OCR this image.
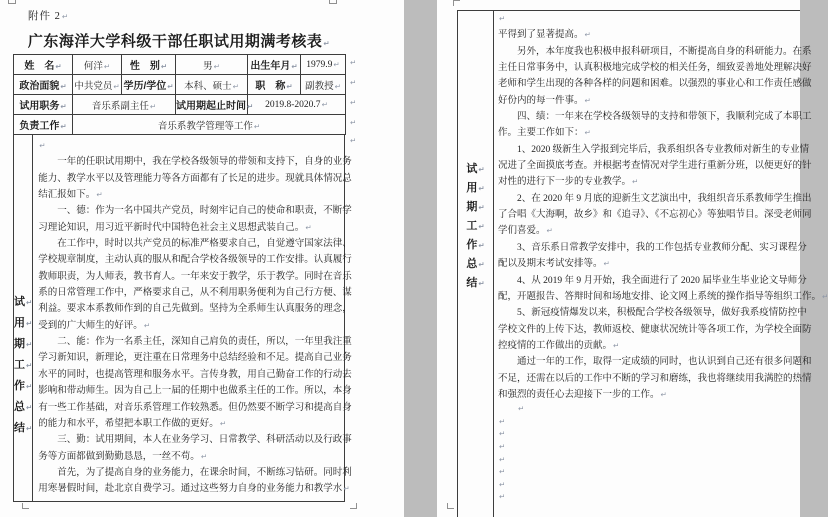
附件 2↵
广东海洋大学科级干部任职试用期满考核表↵
姓　名↵	何洋↵	性　别↵	男↵	出生年月↵	1979.9↵
政治面貌↵	中共党员↵	学历/学位↵	本科、硕士↵	职　称↵	副教授↵
试用职务↵	音乐系副主任↵		试用期起止时间↵	2019.8-2020.7↵	
负责工作↵	音乐系教学管理等工作↵				
↵
↵
↵
↵
↵
试↵
用↵
期↵
工↵
作↵
总↵
结↵
↵
　　一年的任职试用期中，我在学校各级领导的带领和支持下，自身的业务
能力、教学水平以及管理能力等各方面都有了长足的进步。现就具体情况总
结汇报如下。↵
　　一、德：作为一名中国共产党员，时刻牢记自己的使命和职责，不断学
习理论知识，用习近平新时代中国特色社会主义思想武装自己。↵
　　在工作中，时时以共产党员的标准严格要求自己，自觉遵守国家法律、
学校规章制度，主动认真的服从和配合学校各级领导的工作安排。认真履行
教师职责，为人师表，教书育人。一年来安于教学，乐于教学。同时在音乐
系的日常管理工作中，严格要求自己，从不利用职务便利为自己行方便、谋
利益。要求本系教师作到的自己先做到。坚持为全系师生认真服务的理念，
受到的广大师生的好评。↵
　　二、能：作为一名系主任，深知自己肩负的责任，所以，一年里我注重
学习新知识，新理论，更注重在日常理务中总结经验和不足。提高自己业务
水平的同时，也提高管理和服务水平。言传身教，用自己勤奋工作的行动去
影响和带动师生。因为自己上一届的任期中也做系主任的工作。所以，本身
有一些工作基础，对音乐系管理工作较熟悉。但仍然要不断学习和提高自身
的能力和水平，希望把本职工作做的更好。↵
　　三、勤：试用期间，本人在业务学习、日常教学、科研活动以及行政事
务等方面都做到勤勤恳恳，一丝不苟。↵
　　首先，为了提高自身的业务能力，在课余时间，不断练习钻研。同时利
用寒暑假时间，赴北京自费学习。通过这些努力自身的业务能力和教学水↵
试↵
用↵
期↵
工↵
作↵
总↵
结↵
↵
平得到了显著提高。↵
　　另外，本年度我也积极申报科研项目，不断提高自身的科研能力。在系
主任日常事务中，认真积极地完成学校的相关任务，细致妥善地处理解决好
老师和学生出现的各种各样的问题和困难。以强烈的事业心和工作责任感做
好份内的每一件事。↵
　　四、绩：一年来在学校各级领导的支持和带领下，我顺利完成了本职工
作。主要工作如下：↵
　　1、2020 级新生入学报到完毕后，我系组织各专业教师对新生的专业情
况进了全面摸底考查。并根据考查情况对学生进行重新分班，以便更好的针
对性的进行下一步的专业教学。↵
　　2、在 2020 年 9 月底的迎新生文艺演出中，我组织音乐系教师学生推出
了合唱《大海啊，故乡》和《追寻》、《不忘初心》等独唱节目。深受老师同
学们喜爱。↵
　　3、音乐系日常教学安排中，我的工作包括专业教师分配、实习课程分
配以及期末考试安排等。↵
　　4、从 2019 年 9 月开始，我全面进行了 2020 届毕业生毕业论文导师分
配，开题报告、答辩时间和场地安排、论文网上系统的操作指导等组织工作。↵
　　5、新冠疫情爆发以来，积极配合学校各级领导，做好我系疫情防控中
学校文件的上传下达，教师返校、健康状况统计等各项工作，为学校全面防
控疫情的工作做出的贡献。↵
　　通过一年的工作，取得一定成绩的同时，也认识到自己还有很多问题和
不足，还需在以后的工作中不断的学习和磨练，我也将继续用我满腔的热情
和强烈的责任心去迎接下一步的工作。↵
　　↵
↵
↵
↵
↵
↵
↵
↵
